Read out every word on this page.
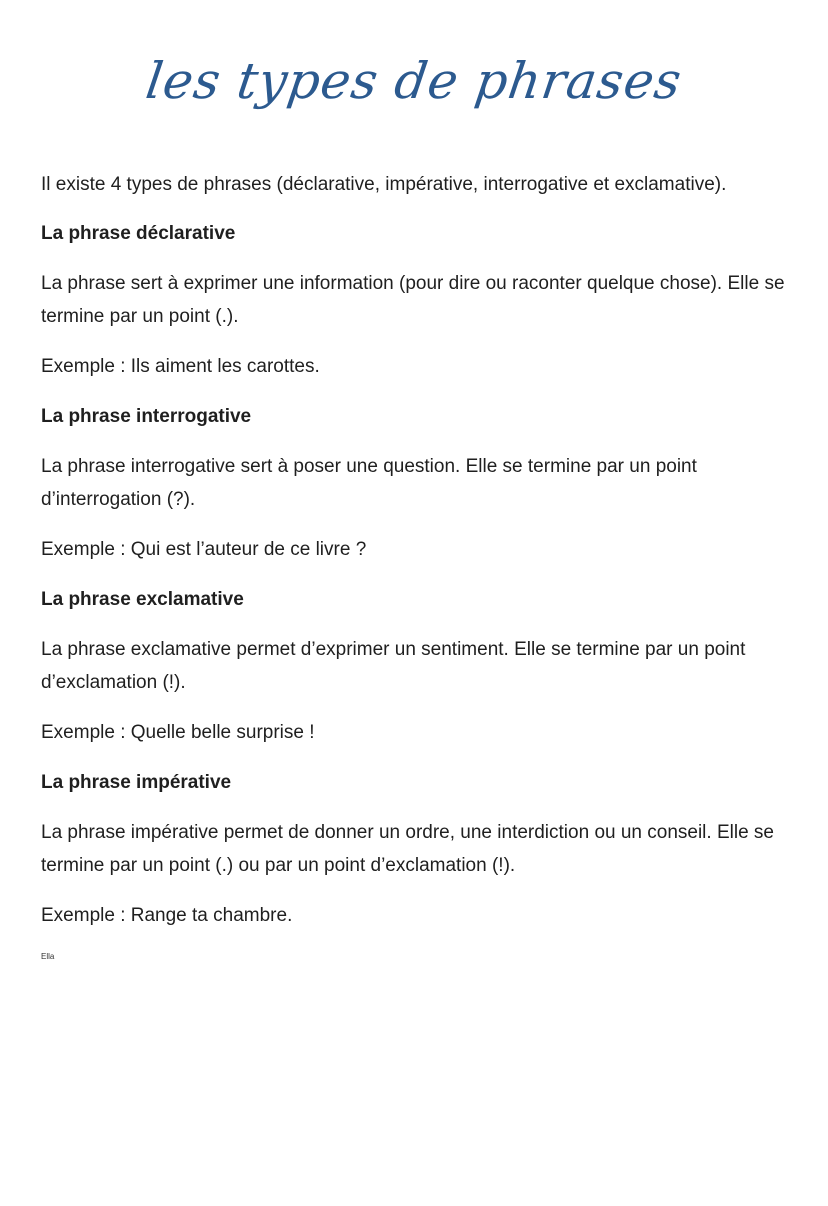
les types de phrases

Il existe 4 types de phrases (déclarative, impérative, interrogative et exclamative).

La phrase déclarative

La phrase sert à exprimer une information (pour dire ou raconter quelque chose). Elle se termine par un point (.).

Exemple : Ils aiment les carottes.

La phrase interrogative

La phrase interrogative sert à poser une question. Elle se termine par un point d’interrogation (?).

Exemple : Qui est l’auteur de ce livre ?

La phrase exclamative

La phrase exclamative permet d’exprimer un sentiment. Elle se termine par un point d’exclamation (!).

Exemple : Quelle belle surprise !

La phrase impérative

La phrase impérative permet de donner un ordre, une interdiction ou un conseil. Elle se termine par un point (.) ou par un point d’exclamation (!).

Exemple : Range ta chambre.

Ella
